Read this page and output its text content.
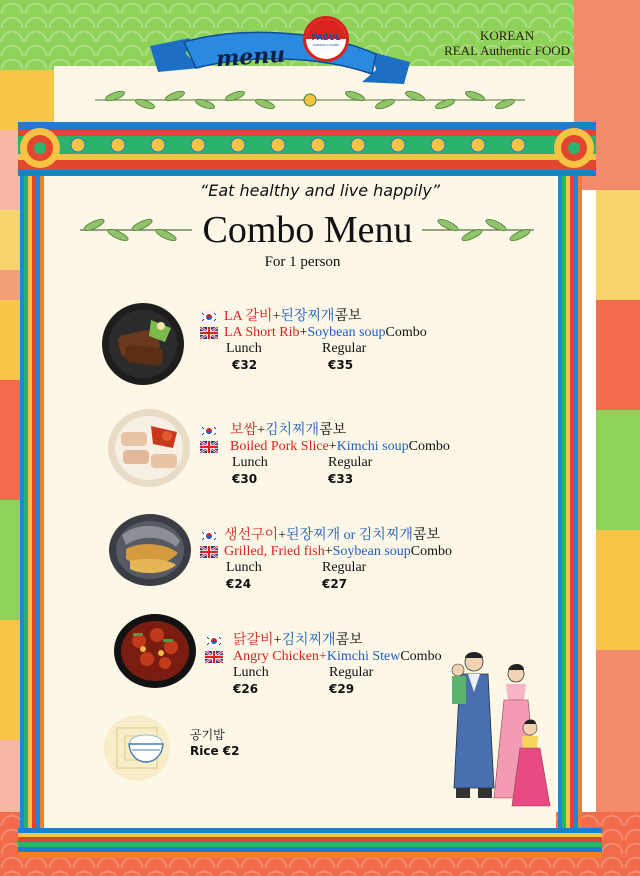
menu
PABUL
KOREAN CUISINE
KOREAN
REAL Authentic FOOD
“Eat healthy and live happily”
Combo Menu
For 1 person
LA 갈비 + 된장찌개 콤보
LA Short Rib + Soybean soup Combo
Lunch	Regular
€32	€35
보쌈 + 김치찌개 콤보
Boiled Pork Slice + Kimchi soup Combo
Lunch	Regular
€30	€33
생선구이 + 된장찌개 or 김치찌개 콤보
Grilled, Fried fish + Soybean soup Combo
Lunch	Regular
€24	€27
닭갈비 + 김치찌개 콤보
Angry Chicken + Kimchi Stew Combo
Lunch	Regular
€26	€29
공기밥
Rice €2
